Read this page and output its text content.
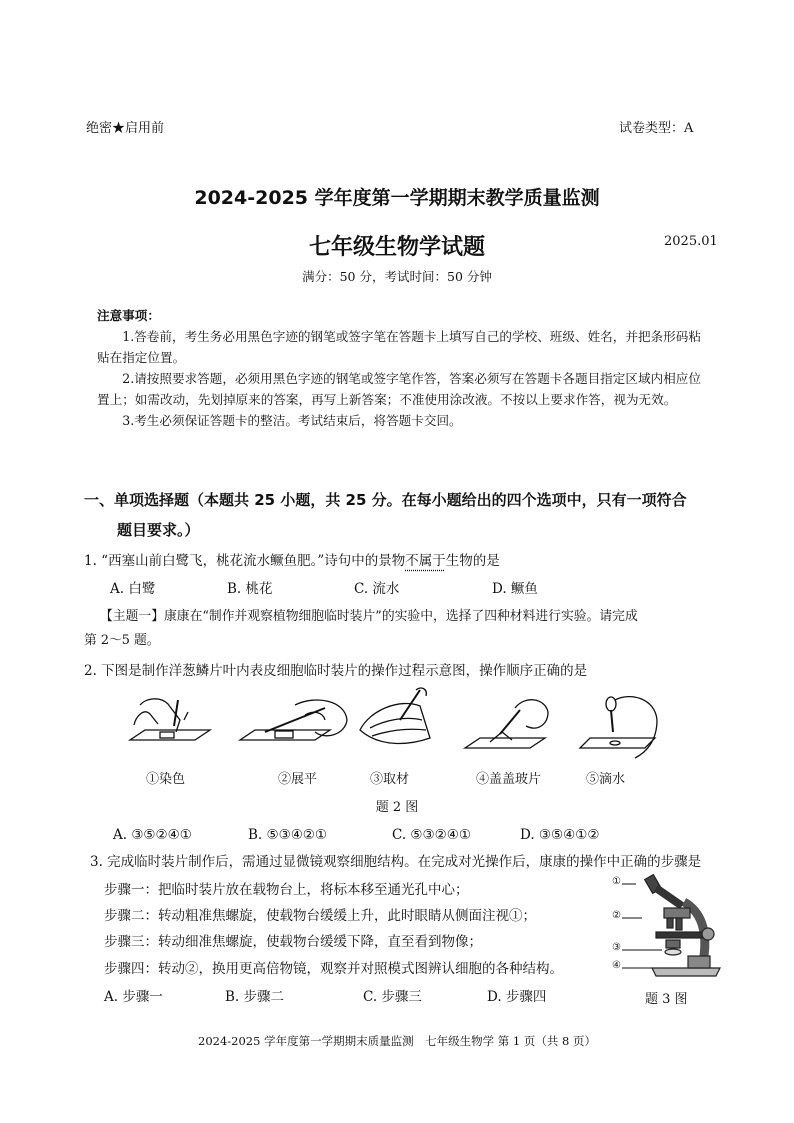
绝密★启用前	试卷类型：A
2024-2025 学年度第一学期期末教学质量监测
七年级生物学试题	2025.01
满分：50 分，考试时间：50 分钟

注意事项：

1.答卷前，考生务必用黑色字迹的钢笔或签字笔在答题卡上填写自己的学校、班级、姓名，并把条形码粘贴在指定位置。

2.请按照要求答题，必须用黑色字迹的钢笔或签字笔作答，答案必须写在答题卡各题目指定区域内相应位置上；如需改动，先划掉原来的答案，再写上新答案；不准使用涂改液。不按以上要求作答，视为无效。

3.考生必须保证答题卡的整洁。考试结束后，将答题卡交回。

一、单项选择题（本题共 25 小题，共 25 分。在每小题给出的四个选项中，只有一项符合
题目要求。）
1. “西塞山前白鹭飞，桃花流水鳜鱼肥。”诗句中的景物不属于生物的是
A. 白鹭	B. 桃花	C. 流水	D. 鳜鱼
【主题一】康康在“制作并观察植物细胞临时装片”的实验中，选择了四种材料进行实验。请完成
第 2～5 题。
2. 下图是制作洋葱鳞片叶内表皮细胞临时装片的操作过程示意图，操作顺序正确的是
①染色	②展平	③取材	④盖盖玻片	⑤滴水
题 2 图
A. ③⑤②④①	B. ⑤③④②①	C. ⑤③②④①	D. ③⑤④①②
3. 完成临时装片制作后，需通过显微镜观察细胞结构。在完成对光操作后，康康的操作中正确的步骤是
步骤一：把临时装片放在载物台上，将标本移至通光孔中心；
步骤二：转动粗准焦螺旋，使载物台缓缓上升，此时眼睛从侧面注视①；
步骤三：转动细准焦螺旋，使载物台缓缓下降，直至看到物像；
步骤四：转动②，换用更高倍物镜，观察并对照模式图辨认细胞的各种结构。
A. 步骤一	B. 步骤二	C. 步骤三	D. 步骤四
①
②
③
④
题 3 图
2024-2025 学年度第一学期期末质量监测　七年级生物学 第 1 页（共 8 页）
